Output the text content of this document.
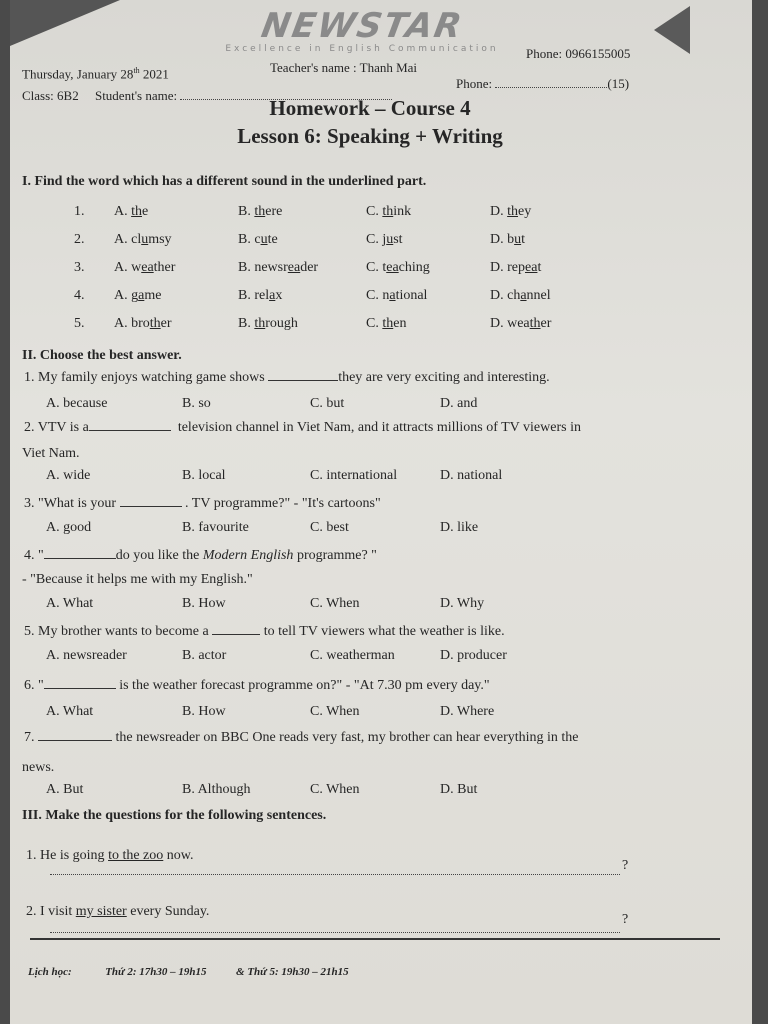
NEWSTAR
Excellence in English Communication
Thursday, January 28th 2021	Teacher's name : Thanh Mai
Phone: 0966155005
Class: 6B2 Student's name:
Phone:	(15)
Homework – Course 4
Lesson 6: Speaking + Writing
I. Find the word which has a different sound in the underlined part.
1. A. the	B. there	C. think	D. they
2. A. clumsy	B. cute	C. just	D. but
3. A. weather	B. newsreader	C. teaching	D. repeat
4. A. game	B. relax	C. national	D. channel
5. A. brother	B. through	C. then	D. weather
II. Choose the best answer.
1. My family enjoys watching game shows	they are very exciting and interesting.
A. because	B. so	C. but	D. and
2. VTV is a	television channel in Viet Nam, and it attracts millions of TV viewers in
Viet Nam.
A. wide	B. local	C. international	D. national
3. "What is your	. TV programme?" - "It's cartoons"
A. good	B. favourite	C. best	D. like
4. "	do you like the Modern English programme? "
- "Because it helps me with my English."
A. What	B. How	C. When	D. Why
5. My brother wants to become a	to tell TV viewers what the weather is like.
A. newsreader	B. actor	C. weatherman	D. producer
6. "	is the weather forecast programme on?" - "At 7.30 pm every day."
A. What	B. How	C. When	D. Where
7.	the newsreader on BBC One reads very fast, my brother can hear everything in the
news.
A. But	B. Although	C. When	D. But
III. Make the questions for the following sentences.
1. He is going to the zoo now.
?
2. I visit my sister every Sunday.
?
Lịch học:	Thứ 2: 17h30 – 19h15	& Thứ 5: 19h30 – 21h15
